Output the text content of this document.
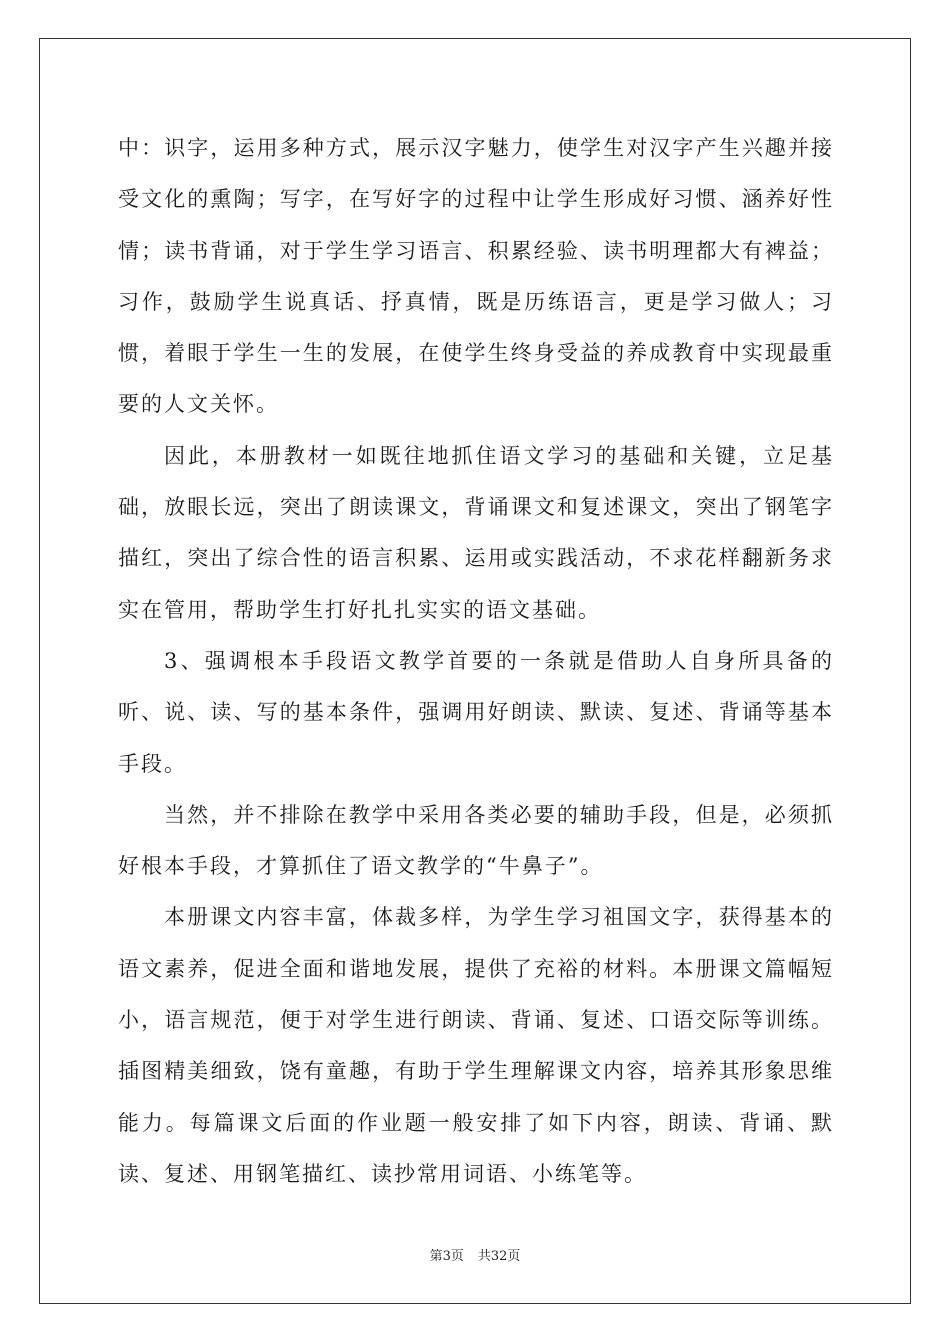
中：识字，运用多种方式，展示汉字魅力，使学生对汉字产生兴趣并接受文化的熏陶；写字，在写好字的过程中让学生形成好习惯、涵养好性情；读书背诵，对于学生学习语言、积累经验、读书明理都大有裨益；习作，鼓励学生说真话、抒真情，既是历练语言，更是学习做人；习惯，着眼于学生一生的发展，在使学生终身受益的养成教育中实现最重要的人文关怀。

因此，本册教材一如既往地抓住语文学习的基础和关键，立足基础，放眼长远，突出了朗读课文，背诵课文和复述课文，突出了钢笔字描红，突出了综合性的语言积累、运用或实践活动，不求花样翻新务求实在管用，帮助学生打好扎扎实实的语文基础。

3、强调根本手段语文教学首要的一条就是借助人自身所具备的听、说、读、写的基本条件，强调用好朗读、默读、复述、背诵等基本手段。

当然，并不排除在教学中采用各类必要的辅助手段，但是，必须抓好根本手段，才算抓住了语文教学的“牛鼻子”。

本册课文内容丰富，体裁多样，为学生学习祖国文字，获得基本的语文素养，促进全面和谐地发展，提供了充裕的材料。本册课文篇幅短小，语言规范，便于对学生进行朗读、背诵、复述、口语交际等训练。插图精美细致，饶有童趣，有助于学生理解课文内容，培养其形象思维能力。每篇课文后面的作业题一般安排了如下内容，朗读、背诵、默读、复述、用钢笔描红、读抄常用词语、小练笔等。

第3页 共32页
